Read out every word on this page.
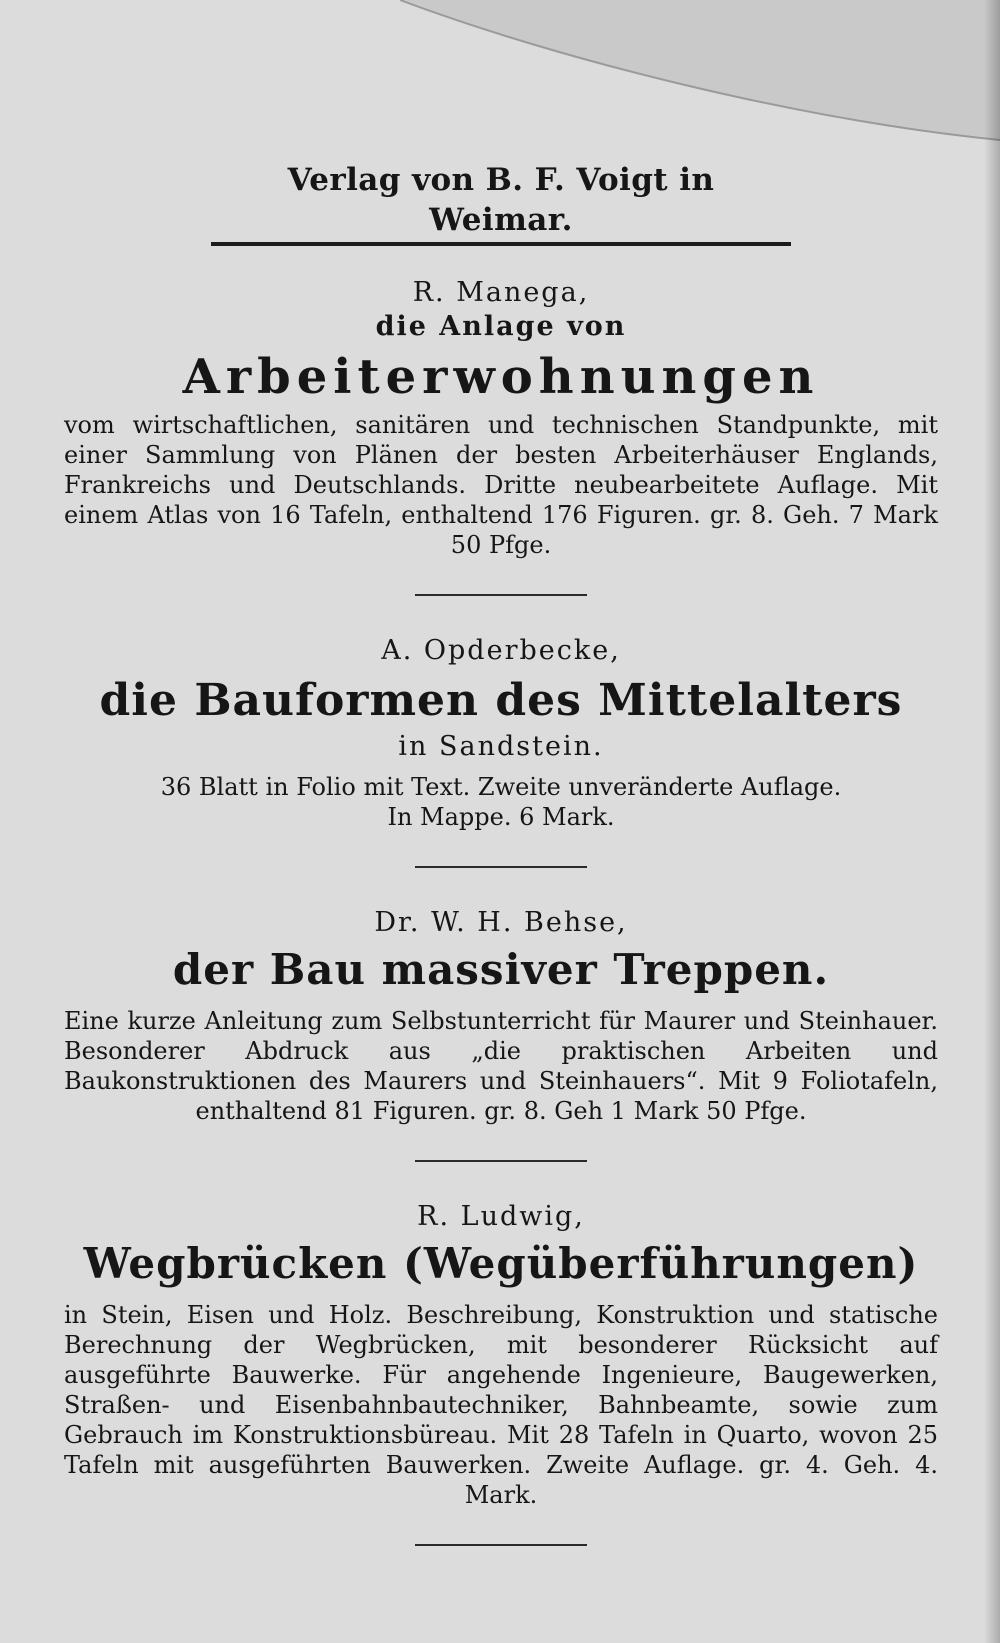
Verlag von B. F. Voigt in Weimar.

R. Manega,

die Anlage von

Arbeiterwohnungen

vom wirtschaftlichen, sanitären und technischen Standpunkte, mit einer Sammlung von Plänen der besten Arbeiterhäuser Englands, Frankreichs und Deutschlands. Dritte neubearbeitete Auflage. Mit einem Atlas von 16 Tafeln, enthaltend 176 Figuren. gr. 8. Geh. 7 Mark 50 Pfge.

A. Opderbecke,

die Bauformen des Mittelalters

in Sandstein.

36 Blatt in Folio mit Text. Zweite unveränderte Auflage.

In Mappe. 6 Mark.

Dr. W. H. Behse,

der Bau massiver Treppen.

Eine kurze Anleitung zum Selbstunterricht für Maurer und Steinhauer. Besonderer Abdruck aus „die praktischen Arbeiten und Baukonstruktionen des Maurers und Steinhauers“. Mit 9 Foliotafeln, enthaltend 81 Figuren. gr. 8. Geh 1 Mark 50 Pfge.

R. Ludwig,

Wegbrücken (Wegüberführungen)

in Stein, Eisen und Holz. Beschreibung, Konstruktion und statische Berechnung der Wegbrücken, mit besonderer Rücksicht auf ausgeführte Bauwerke. Für angehende Ingenieure, Baugewerken, Straßen- und Eisenbahnbautechniker, Bahnbeamte, sowie zum Gebrauch im Konstruktionsbüreau. Mit 28 Tafeln in Quarto, wovon 25 Tafeln mit ausgeführten Bauwerken. Zweite Auflage. gr. 4. Geh. 4. Mark.
